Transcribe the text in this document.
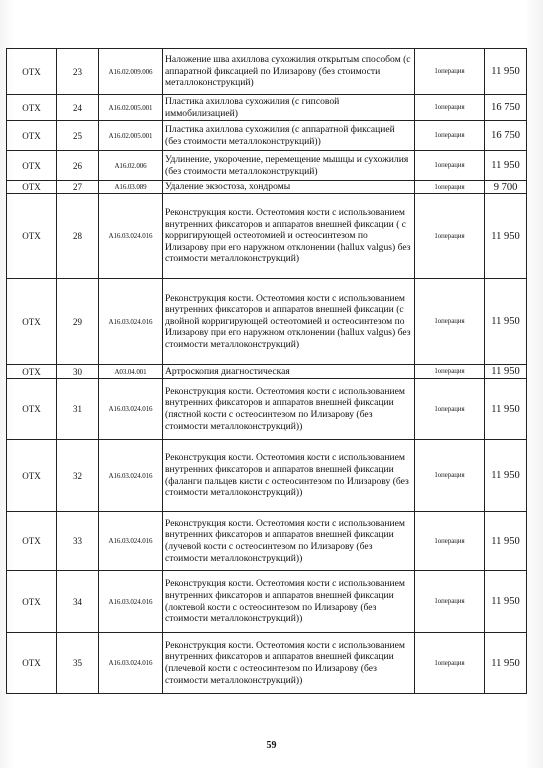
ОТХ	23	А16.02.009.006	Наложение шва ахиллова сухожилия открытым способом (с аппаратной фиксацией по Илизарову (без стоимости металлоконструкций)	1операция	11 950
ОТХ	24	А16.02.005.001	Пластика ахиллова сухожилия (с гипсовой иммобилизацией)	1операция	16 750
ОТХ	25	А16.02.005.001	Пластика ахиллова сухожилия (с аппаратной фиксацией (без стоимости металлоконструкций))	1операция	16 750
ОТХ	26	А16.02.006	Удлинение, укорочение, перемещение мышцы и сухожилия (без стоимости металлоконструкций)	1операция	11 950
ОТХ	27	А16.03.089	Удаление экзостоза, хондромы	1операция	9 700
ОТХ	28	А16.03.024.016	Реконструкция кости. Остеотомия кости с использованием внутренних фиксаторов и аппаратов внешней фиксации ( с корригирующей остеотомией и остеосинтезом по Илизарову при его наружном отклонении (hallux valgus) без стоимости металлоконструкций)	1операция	11 950
ОТХ	29	А16.03.024.016	Реконструкция кости. Остеотомия кости с использованием внутренних фиксаторов и аппаратов внешней фиксации (с двойной корригирующей остеотомией и остеосинтезом по Илизарову при его наружном отклонении (hallux valgus) без стоимости металлоконструкций)	1операция	11 950
ОТХ	30	А03.04.001	Артроскопия диагностическая	1операция	11 950
ОТХ	31	А16.03.024.016	Реконструкция кости. Остеотомия кости с использованием внутренних фиксаторов и аппаратов внешней фиксации (пястной кости с остеосинтезом по Илизарову (без стоимости металлоконструкций))	1операция	11 950
ОТХ	32	А16.03.024.016	Реконструкция кости. Остеотомия кости с использованием внутренних фиксаторов и аппаратов внешней фиксации (фаланги пальцев кисти с остеосинтезом по Илизарову (без стоимости металлоконструкций))	1операция	11 950
ОТХ	33	А16.03.024.016	Реконструкция кости. Остеотомия кости с использованием внутренних фиксаторов и аппаратов внешней фиксации (лучевой кости с остеосинтезом по Илизарову (без стоимости металлоконструкций))	1операция	11 950
ОТХ	34	А16.03.024.016	Реконструкция кости. Остеотомия кости с использованием внутренних фиксаторов и аппаратов внешней фиксации (локтевой кости с остеосинтезом по Илизарову (без стоимости металлоконструкций))	1операция	11 950
ОТХ	35	А16.03.024.016	Реконструкция кости. Остеотомия кости с использованием внутренних фиксаторов и аппаратов внешней фиксации (плечевой кости с остеосинтезом по Илизарову (без стоимости металлоконструкций))	1операция	11 950
59
